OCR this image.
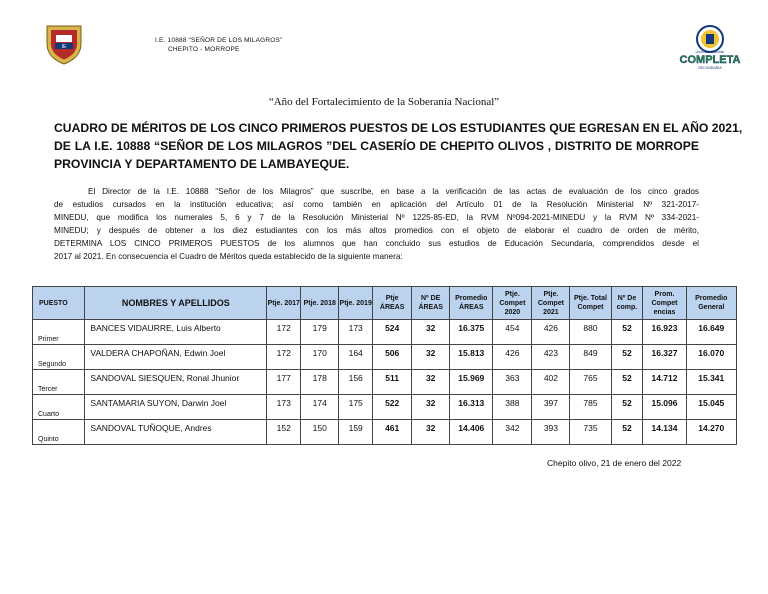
IE
I.E. 10888 “SEÑOR DE LOS MILAGROS”
CHEPITO - MORROPE	Jornada Escolar
COMPLETA
SECUNDARIA
“Año del Fortalecimiento de la Soberanía Nacional”
CUADRO DE MÉRITOS DE LOS CINCO PRIMEROS PUESTOS DE LOS ESTUDIANTES QUE EGRESAN EN EL AÑO 2021,
DE LA I.E. 10888 “SEÑOR DE LOS MILAGROS ”DEL CASERÍO DE CHEPITO OLIVOS , DISTRITO DE MORROPE
PROVINCIA Y DEPARTAMENTO DE LAMBAYEQUE.
El Director de la I.E. 10888 “Señor de los Milagros” que suscribe, en base a la verificación de las actas de evaluación de los cinco grados
de estudios cursados en la institución educativa; así como también en aplicación del Artículo 01 de la Resolución Ministerial Nº 321-2017-
MINEDU, que modifica los numerales 5, 6 y 7 de la Resolución Ministerial Nº 1225-85-ED, la RVM Nº094-2021-MINEDU y la RVM Nº 334-2021-
MINEDU; y después de obtener a los diez estudiantes con los más altos promedios con el objeto de elaborar el cuadro de orden de mérito,
DETERMINA LOS CINCO PRIMEROS PUESTOS de los alumnos que han concluido sus estudios de Educación Secundaria, comprendidos desde el
2017 al 2021. En consecuencia el Cuadro de Méritos queda establecido de la siguiente manera:
PUESTO	NOMBRES Y APELLIDOS	Ptje. 2017	Ptje. 2018	Ptje. 2019	Ptje ÁREAS	Nº DE ÁREAS	Promedio ÁREAS	Ptje. Compet 2020	Ptje. Compet 2021	Ptje. Total Compet	Nº De comp.	Prom. Compet encias	Promedio General
Primer	BANCES VIDAURRE, Luis Alberto	172	179	173	524	32	16.375	454	426	880	52	16.923	16.649
Segundo	VALDERA CHAPOÑAN, Edwin Joel	172	170	164	506	32	15.813	426	423	849	52	16.327	16.070
Tercer	SANDOVAL SIESQUEN, Ronal Jhunior	177	178	156	511	32	15.969	363	402	765	52	14.712	15.341
Cuarto	SANTAMARIA SUYON, Darwin Joel	173	174	175	522	32	16.313	388	397	785	52	15.096	15.045
Quinto	SANDOVAL TUÑOQUE, Andres	152	150	159	461	32	14.406	342	393	735	52	14.134	14.270
Chepito olivo, 21 de enero del 2022
